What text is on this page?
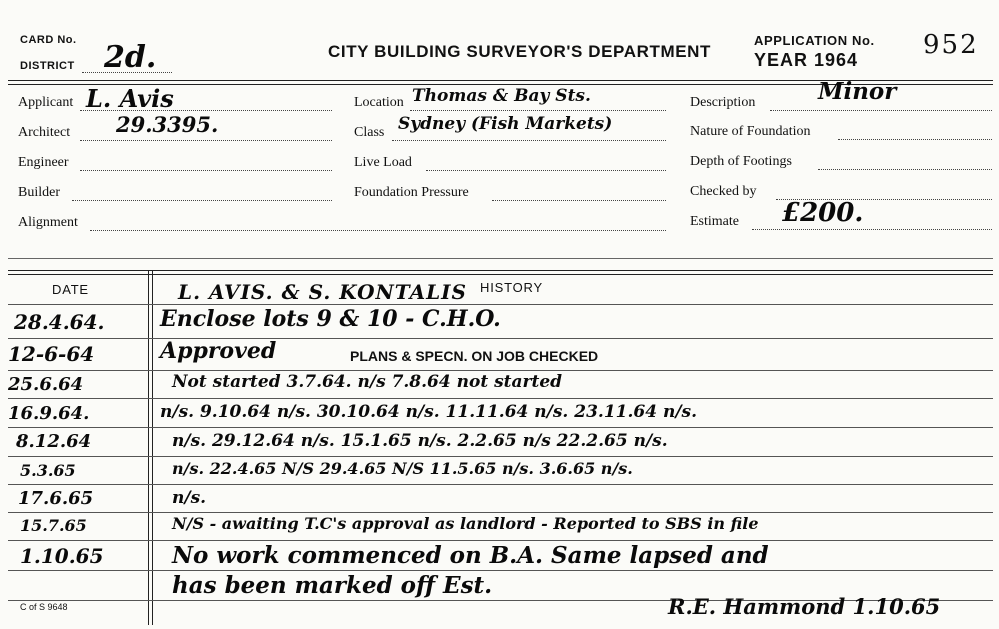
CARD No.
DISTRICT 2d.	CITY BUILDING SURVEYOR'S DEPARTMENT
APPLICATION No. 952
YEAR 1964
Applicant L. Avis
Architect 29.3395.
Engineer
Builder
Alignment
Location Thomas & Bay Sts.
Class Sydney (Fish Markets)
Live Load
Foundation Pressure
Description	Minor
Nature of Foundation
Depth of Footings
Checked by
Estimate £200.
DATE	HISTORY
L. AVIS. & S. KONTALIS
28.4.64.	Enclose lots 9 & 10 - C.H.O.
12-6-64	Approved	PLANS & SPECN. ON JOB CHECKED
25.6.64	Not started 3.7.64. n/s 7.8.64 not started
16.9.64.	n/s. 9.10.64 n/s. 30.10.64 n/s. 11.11.64 n/s. 23.11.64 n/s.
8.12.64	n/s. 29.12.64 n/s. 15.1.65 n/s. 2.2.65 n/s 22.2.65 n/s.
5.3.65	n/s. 22.4.65 N/S 29.4.65 N/S 11.5.65 n/s. 3.6.65 n/s.
17.6.65	n/s.
15.7.65	N/S - awaiting T.C's approval as landlord - Reported to SBS in file
1.10.65	No work commenced on B.A. Same lapsed and
has been marked off Est.
R.E. Hammond 1.10.65
C of S 9648
